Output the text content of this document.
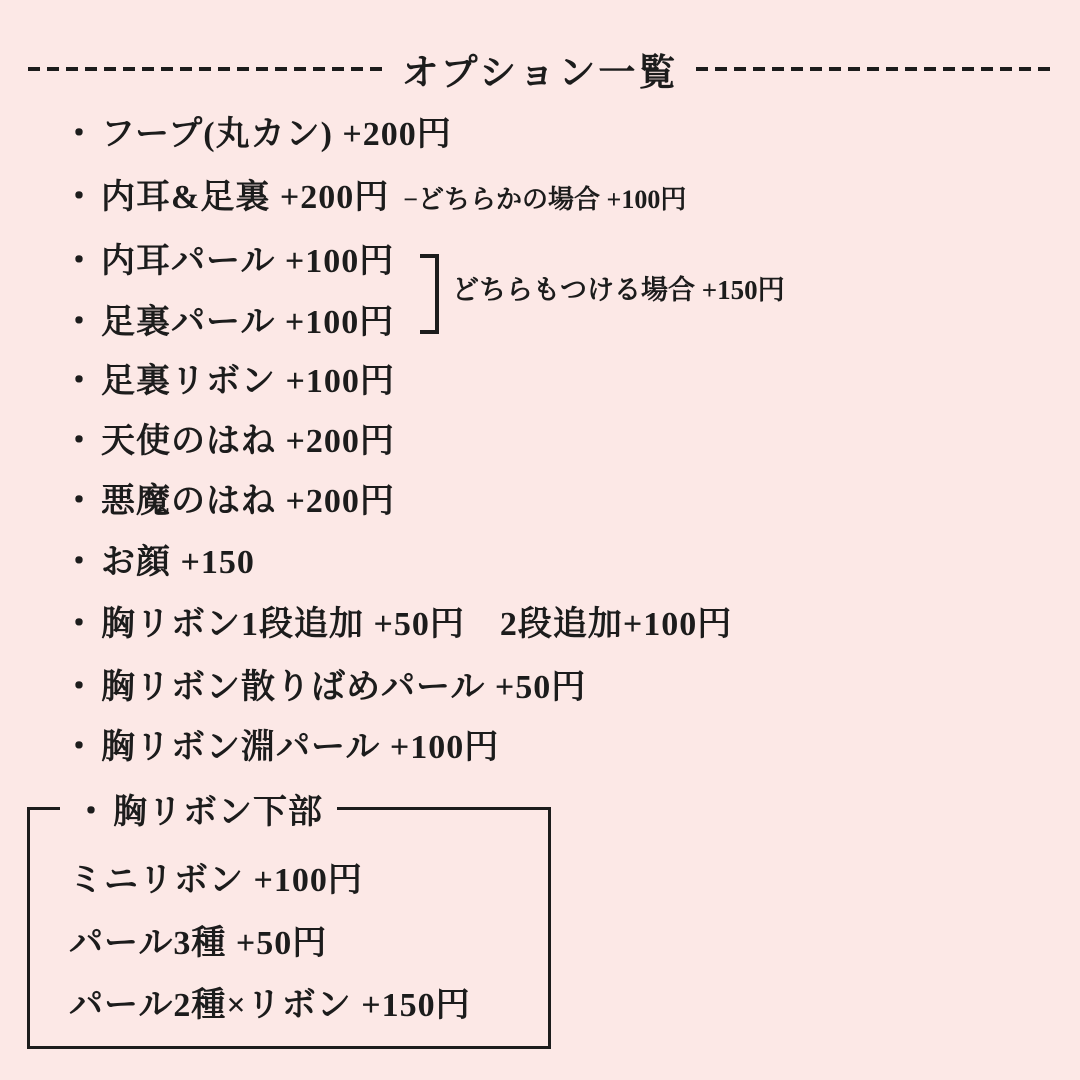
オプション一覧
・ フープ(丸カン) +200円
・ 内耳&足裏 +200円 −どちらかの場合 +100円
・ 内耳パール +100円
・ 足裏パール +100円
どちらもつける場合 +150円
・ 足裏リボン +100円
・ 天使のはね +200円
・ 悪魔のはね +200円
・ お顔 +150
・ 胸リボン1段追加 +50円　2段追加+100円
・ 胸リボン散りばめパール +50円
・ 胸リボン淵パール +100円
・ 胸リボン下部
ミニリボン +100円
パール3種 +50円
パール2種×リボン +150円
